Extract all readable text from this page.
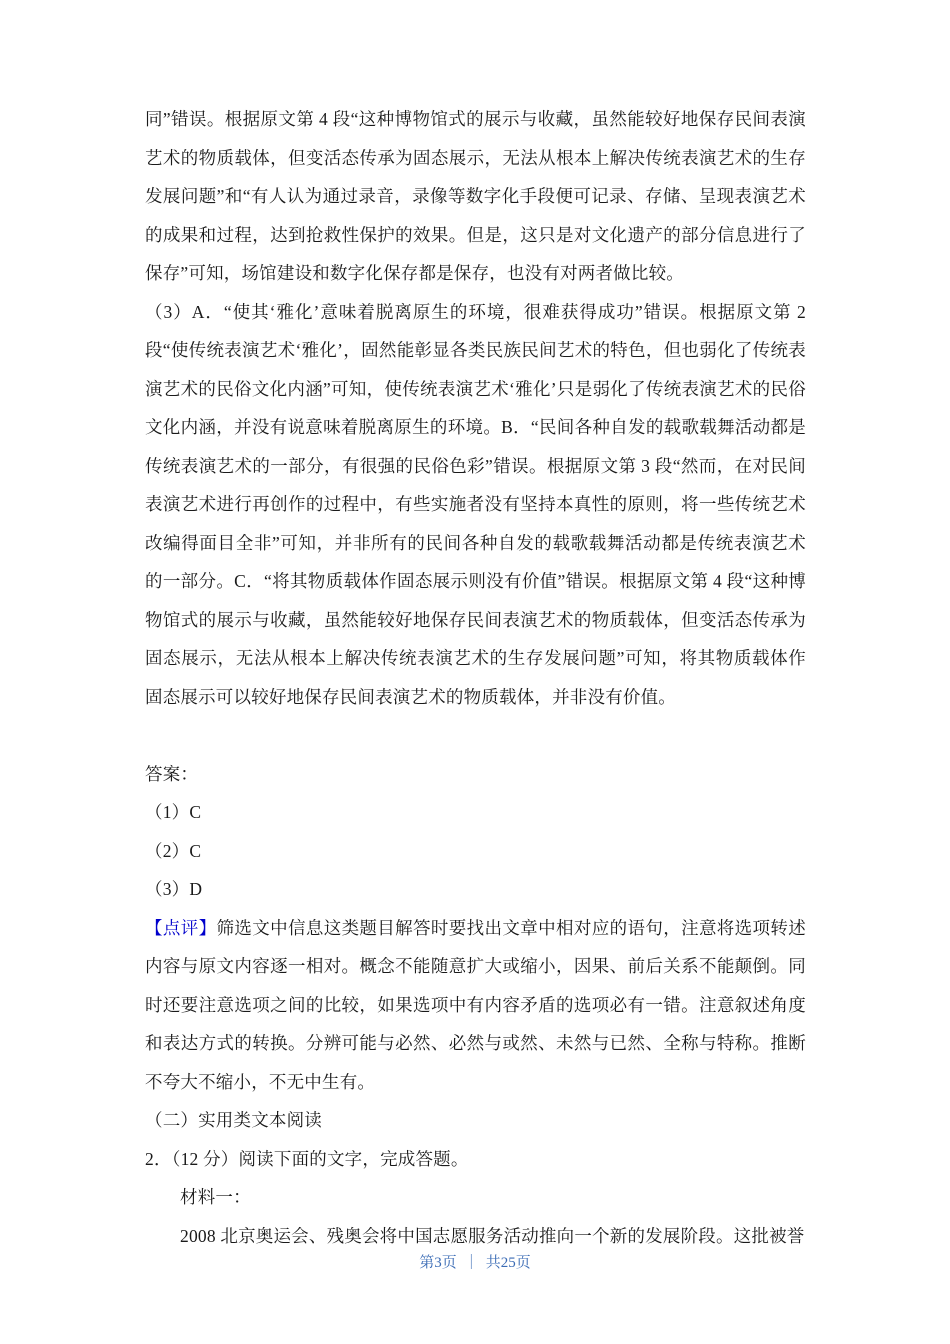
同”错误。根据原文第 4 段“这种博物馆式的展示与收藏，虽然能较好地保存民间表演艺术的物质载体，但变活态传承为固态展示，无法从根本上解决传统表演艺术的生存发展问题”和“有人认为通过录音，录像等数字化手段便可记录、存储、呈现表演艺术的成果和过程，达到抢救性保护的效果。但是，这只是对文化遗产的部分信息进行了保存”可知，场馆建设和数字化保存都是保存，也没有对两者做比较。

（3）A．“使其‘雅化’意味着脱离原生的环境，很难获得成功”错误。根据原文第 2 段“使传统表演艺术‘雅化’，固然能彰显各类民族民间艺术的特色，但也弱化了传统表演艺术的民俗文化内涵”可知，使传统表演艺术‘雅化’只是弱化了传统表演艺术的民俗文化内涵，并没有说意味着脱离原生的环境。B．“民间各种自发的载歌载舞活动都是传统表演艺术的一部分，有很强的民俗色彩”错误。根据原文第 3 段“然而，在对民间表演艺术进行再创作的过程中，有些实施者没有坚持本真性的原则，将一些传统艺术改编得面目全非”可知，并非所有的民间各种自发的载歌载舞活动都是传统表演艺术的一部分。C．“将其物质载体作固态展示则没有价值”错误。根据原文第 4 段“这种博物馆式的展示与收藏，虽然能较好地保存民间表演艺术的物质载体，但变活态传承为固态展示，无法从根本上解决传统表演艺术的生存发展问题”可知，将其物质载体作固态展示可以较好地保存民间表演艺术的物质载体，并非没有价值。

答案：

（1）C

（2）C

（3）D

【点评】筛选文中信息这类题目解答时要找出文章中相对应的语句，注意将选项转述内容与原文内容逐一相对。概念不能随意扩大或缩小，因果、前后关系不能颠倒。同时还要注意选项之间的比较，如果选项中有内容矛盾的选项必有一错。注意叙述角度和表达方式的转换。分辨可能与必然、必然与或然、未然与已然、全称与特称。推断不夸大不缩小，不无中生有。

（二）实用类文本阅读

2．（12 分）阅读下面的文字，完成答题。

材料一：

2008 北京奥运会、残奥会将中国志愿服务活动推向一个新的发展阶段。这批被誉

第3页 ｜ 共25页
